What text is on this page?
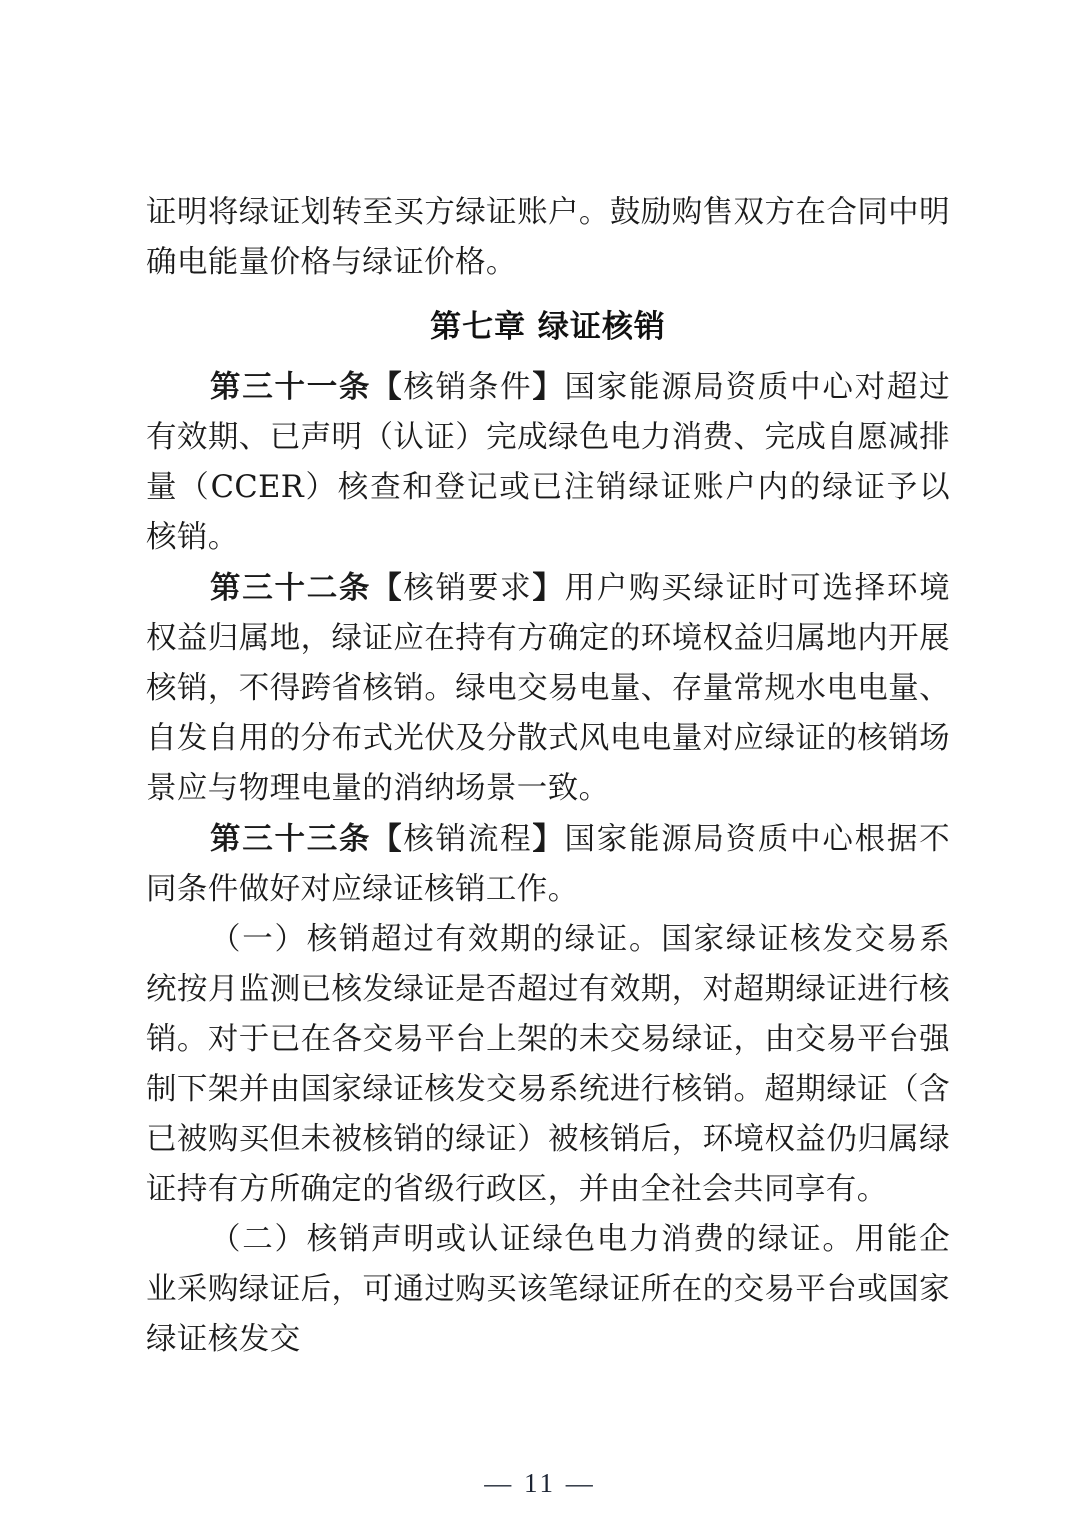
证明将绿证划转至买方绿证账户。鼓励购售双方在合同中明确电能量价格与绿证价格。

第七章 绿证核销

第三十一条【核销条件】国家能源局资质中心对超过有效期、已声明（认证）完成绿色电力消费、完成自愿减排量（CCER）核查和登记或已注销绿证账户内的绿证予以核销。

第三十二条【核销要求】用户购买绿证时可选择环境权益归属地，绿证应在持有方确定的环境权益归属地内开展核销，不得跨省核销。绿电交易电量、存量常规水电电量、自发自用的分布式光伏及分散式风电电量对应绿证的核销场景应与物理电量的消纳场景一致。

第三十三条【核销流程】国家能源局资质中心根据不同条件做好对应绿证核销工作。

（一）核销超过有效期的绿证。国家绿证核发交易系统按月监测已核发绿证是否超过有效期，对超期绿证进行核销。对于已在各交易平台上架的未交易绿证，由交易平台强制下架并由国家绿证核发交易系统进行核销。超期绿证（含已被购买但未被核销的绿证）被核销后，环境权益仍归属绿证持有方所确定的省级行政区，并由全社会共同享有。

（二）核销声明或认证绿色电力消费的绿证。用能企业采购绿证后，可通过购买该笔绿证所在的交易平台或国家绿证核发交

— 11 —
